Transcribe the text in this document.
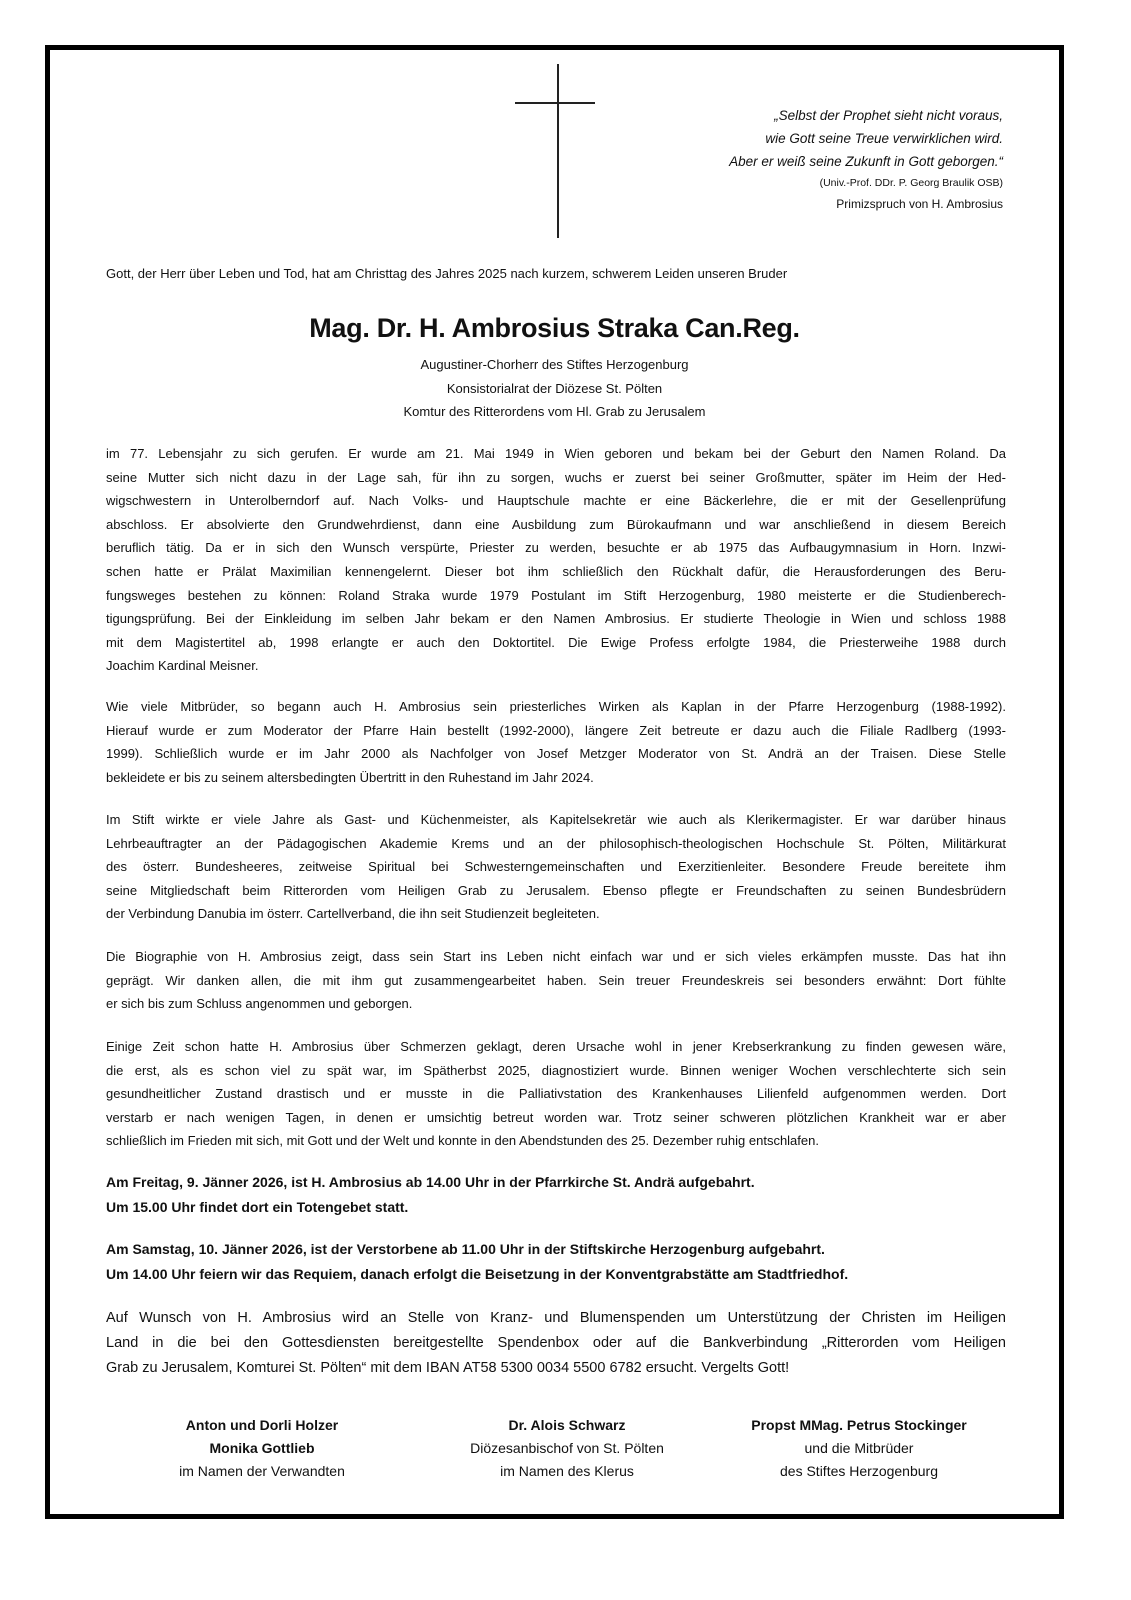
„Selbst der Prophet sieht nicht voraus,
wie Gott seine Treue verwirklichen wird.
Aber er weiß seine Zukunft in Gott geborgen.“
(Univ.-Prof. DDr. P. Georg Braulik OSB)
Primizspruch von H. Ambrosius
Gott, der Herr über Leben und Tod, hat am Christtag des Jahres 2025 nach kurzem, schwerem Leiden unseren Bruder
Mag. Dr. H. Ambrosius Straka Can.Reg.
Augustiner-Chorherr des Stiftes Herzogenburg
Konsistorialrat der Diözese St. Pölten
Komtur des Ritterordens vom Hl. Grab zu Jerusalem
im 77. Lebensjahr zu sich gerufen. Er wurde am 21. Mai 1949 in Wien geboren und bekam bei der Geburt den Namen Roland. Da
seine Mutter sich nicht dazu in der Lage sah, für ihn zu sorgen, wuchs er zuerst bei seiner Großmutter, später im Heim der Hed-
wigschwestern in Unterolberndorf auf. Nach Volks- und Hauptschule machte er eine Bäckerlehre, die er mit der Gesellenprüfung
abschloss. Er absolvierte den Grundwehrdienst, dann eine Ausbildung zum Bürokaufmann und war anschließend in diesem Bereich
beruflich tätig. Da er in sich den Wunsch verspürte, Priester zu werden, besuchte er ab 1975 das Aufbaugymnasium in Horn. Inzwi-
schen hatte er Prälat Maximilian kennengelernt. Dieser bot ihm schließlich den Rückhalt dafür, die Herausforderungen des Beru-
fungsweges bestehen zu können: Roland Straka wurde 1979 Postulant im Stift Herzogenburg, 1980 meisterte er die Studienberech-
tigungsprüfung. Bei der Einkleidung im selben Jahr bekam er den Namen Ambrosius. Er studierte Theologie in Wien und schloss 1988
mit dem Magistertitel ab, 1998 erlangte er auch den Doktortitel. Die Ewige Profess erfolgte 1984, die Priesterweihe 1988 durch
Joachim Kardinal Meisner.
Wie viele Mitbrüder, so begann auch H. Ambrosius sein priesterliches Wirken als Kaplan in der Pfarre Herzogenburg (1988-1992).
Hierauf wurde er zum Moderator der Pfarre Hain bestellt (1992-2000), längere Zeit betreute er dazu auch die Filiale Radlberg (1993-
1999). Schließlich wurde er im Jahr 2000 als Nachfolger von Josef Metzger Moderator von St. Andrä an der Traisen. Diese Stelle
bekleidete er bis zu seinem altersbedingten Übertritt in den Ruhestand im Jahr 2024.
Im Stift wirkte er viele Jahre als Gast- und Küchenmeister, als Kapitelsekretär wie auch als Klerikermagister. Er war darüber hinaus
Lehrbeauftragter an der Pädagogischen Akademie Krems und an der philosophisch-theologischen Hochschule St. Pölten, Militärkurat
des österr. Bundesheeres, zeitweise Spiritual bei Schwesterngemeinschaften und Exerzitienleiter. Besondere Freude bereitete ihm
seine Mitgliedschaft beim Ritterorden vom Heiligen Grab zu Jerusalem. Ebenso pflegte er Freundschaften zu seinen Bundesbrüdern
der Verbindung Danubia im österr. Cartellverband, die ihn seit Studienzeit begleiteten.
Die Biographie von H. Ambrosius zeigt, dass sein Start ins Leben nicht einfach war und er sich vieles erkämpfen musste. Das hat ihn
geprägt. Wir danken allen, die mit ihm gut zusammengearbeitet haben. Sein treuer Freundeskreis sei besonders erwähnt: Dort fühlte
er sich bis zum Schluss angenommen und geborgen.
Einige Zeit schon hatte H. Ambrosius über Schmerzen geklagt, deren Ursache wohl in jener Krebserkrankung zu finden gewesen wäre,
die erst, als es schon viel zu spät war, im Spätherbst 2025, diagnostiziert wurde. Binnen weniger Wochen verschlechterte sich sein
gesundheitlicher Zustand drastisch und er musste in die Palliativstation des Krankenhauses Lilienfeld aufgenommen werden. Dort
verstarb er nach wenigen Tagen, in denen er umsichtig betreut worden war. Trotz seiner schweren plötzlichen Krankheit war er aber
schließlich im Frieden mit sich, mit Gott und der Welt und konnte in den Abendstunden des 25. Dezember ruhig entschlafen.
Am Freitag, 9. Jänner 2026, ist H. Ambrosius ab 14.00 Uhr in der Pfarrkirche St. Andrä aufgebahrt.
Um 15.00 Uhr findet dort ein Totengebet statt.
Am Samstag, 10. Jänner 2026, ist der Verstorbene ab 11.00 Uhr in der Stiftskirche Herzogenburg aufgebahrt.
Um 14.00 Uhr feiern wir das Requiem, danach erfolgt die Beisetzung in der Konventgrabstätte am Stadtfriedhof.
Auf Wunsch von H. Ambrosius wird an Stelle von Kranz- und Blumenspenden um Unterstützung der Christen im Heiligen
Land in die bei den Gottesdiensten bereitgestellte Spendenbox oder auf die Bankverbindung „Ritterorden vom Heiligen
Grab zu Jerusalem, Komturei St. Pölten“ mit dem IBAN AT58 5300 0034 5500 6782 ersucht. Vergelts Gott!
Anton und Dorli Holzer
Monika Gottlieb
im Namen der Verwandten
Dr. Alois Schwarz
Diözesanbischof von St. Pölten
im Namen des Klerus
Propst MMag. Petrus Stockinger
und die Mitbrüder
des Stiftes Herzogenburg
